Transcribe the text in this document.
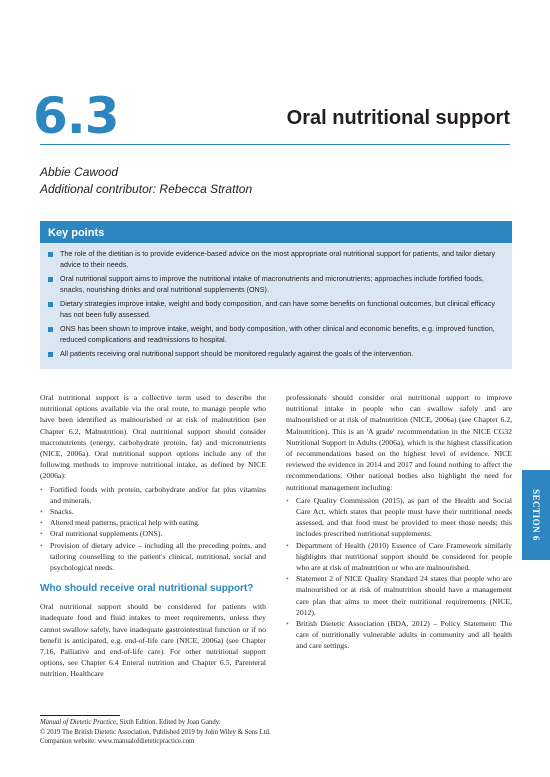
6.3	Oral nutritional support
Abbie Cawood
Additional contributor: Rebecca Stratton
Key points
The role of the dietitian is to provide evidence-based advice on the most appropriate oral nutritional support for patients, and tailor dietary advice to their needs.
Oral nutritional support aims to improve the nutritional intake of macronutrients and micronutrients; approaches include fortified foods, snacks, nourishing drinks and oral nutritional supplements (ONS).
Dietary strategies improve intake, weight and body composition, and can have some benefits on functional outcomes, but clinical efficacy has not been fully assessed.
ONS has been shown to improve intake, weight, and body composition, with other clinical and economic benefits, e.g. improved function, reduced complications and readmissions to hospital.
All patients receiving oral nutritional support should be monitored regularly against the goals of the intervention.

Oral nutritional support is a collective term used to describe the nutritional options available via the oral route, to manage people who have been identified as malnourished or at risk of malnutrition (see Chapter 6.2, Malnutrition). Oral nutritional support should consider macronutrients (energy, carbohydrate protein, fat) and micronutrients (NICE, 2006a). Oral nutritional support options include any of the following methods to improve nutritional intake, as defined by NICE (2006a):

• Fortified foods with protein, carbohydrate and/or fat plus vitamins and minerals.
• Snacks.
• Altered meal patterns, practical help with eating.
• Oral nutritional supplements (ONS).
• Provision of dietary advice – including all the preceding points, and tailoring counselling to the patient's clinical, nutritional, social and psychological needs.
Who should receive oral nutritional support?

Oral nutritional support should be considered for patients with inadequate food and fluid intakes to meet requirements, unless they cannot swallow safely, have inadequate gastrointestinal function or if no benefit is anticipated, e.g. end-of-life care (NICE, 2006a) (see Chapter 7.16, Palliative and end-of-life care). For other nutritional support options, see Chapter 6.4 Enteral nutrition and Chapter 6.5, Parenteral nutrition. Healthcare

professionals should consider oral nutritional support to improve nutritional intake in people who can swallow safely and are malnourished or at risk of malnutrition (NICE, 2006a) (see Chapter 6.2, Malnutrition). This is an 'A grade' recommendation in the NICE CG32 Nutritional Support in Adults (2006a), which is the highest classification of recommendations based on the highest level of evidence. NICE reviewed the evidence in 2014 and 2017 and found nothing to affect the recommendations. Other national bodies also highlight the need for nutritional management including:

• Care Quality Commission (2015), as part of the Health and Social Care Act, which states that people must have their nutritional needs assessed, and that food must be provided to meet those needs; this includes prescribed nutritional supplements.
• Department of Health (2010) Essence of Care Framework similarly highlights that nutritional support should be considered for people who are at risk of malnutrition or who are malnourished.
• Statement 2 of NICE Quality Standard 24 states that people who are malnourished or at risk of malnutrition should have a management care plan that aims to meet their nutritional requirements (NICE, 2012).
• British Dietetic Association (BDA, 2012) – Policy Statement: The care of nutritionally vulnerable adults in community and all health and care settings.
SECTION 6
Manual of Dietetic Practice, Sixth Edition. Edited by Joan Gandy.
© 2019 The British Dietetic Association. Published 2019 by John Wiley & Sons Ltd.
Companion website: www.manualofdieteticpractice.com
